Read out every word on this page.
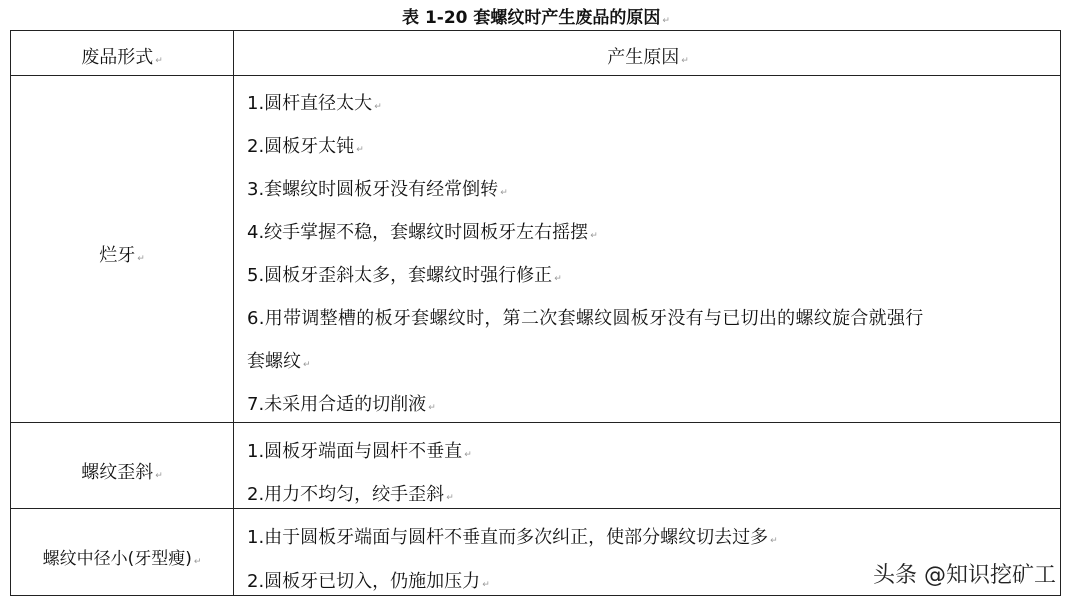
表 1-20 套螺纹时产生废品的原因 ↵
废品形式 ↵	产生原因 ↵
烂牙 ↵
1.圆杆直径太大 ↵
2.圆板牙太钝 ↵
3.套螺纹时圆板牙没有经常倒转 ↵
4.绞手掌握不稳，套螺纹时圆板牙左右摇摆 ↵
5.圆板牙歪斜太多，套螺纹时强行修正 ↵
6.用带调整槽的板牙套螺纹时，第二次套螺纹圆板牙没有与已切出的螺纹旋合就强行
套螺纹 ↵
7.未采用合适的切削液 ↵
螺纹歪斜 ↵
1.圆板牙端面与圆杆不垂直 ↵
2.用力不均匀，绞手歪斜 ↵
螺纹中径小(牙型瘦) ↵
1.由于圆板牙端面与圆杆不垂直而多次纠正，使部分螺纹切去过多 ↵
2.圆板牙已切入，仍施加压力 ↵	头条 @知识挖矿工
